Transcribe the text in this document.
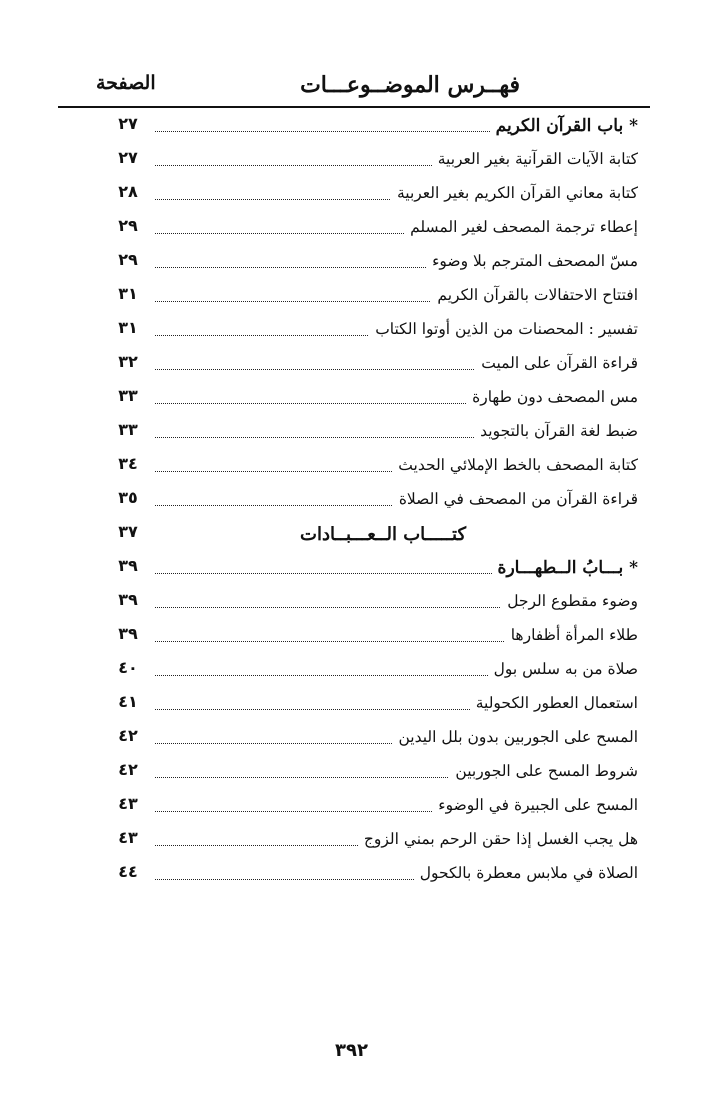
فهــرس الموضــوعـــات
الصفحة
* باب القرآن الكريم
٢٧
كتابة الآيات القرآنية بغير العربية
٢٧
كتابة معاني القرآن الكريم بغير العربية
٢٨
إعطاء ترجمة المصحف لغير المسلم
٢٩
مسّ المصحف المترجم بلا وضوء
٢٩
افتتاح الاحتفالات بالقرآن الكريم
٣١
تفسير : المحصنات من الذين أوتوا الكتاب
٣١
قراءة القرآن على الميت
٣٢
مس المصحف دون طهارة
٣٣
ضبط لغة القرآن بالتجويد
٣٣
كتابة المصحف بالخط الإملائي الحديث
٣٤
قراءة القرآن من المصحف في الصلاة
٣٥
كتـــــاب الــعـــبــادات
٣٧
* بـــابُ الــطهـــارة
٣٩
وضوء مقطوع الرجل
٣٩
طلاء المرأة أظفارها
٣٩
صلاة من به سلس بول
٤٠
استعمال العطور الكحولية
٤١
المسح على الجوربين بدون بلل اليدين
٤٢
شروط المسح على الجوربين
٤٢
المسح على الجبيرة في الوضوء
٤٣
هل يجب الغسل إذا حقن الرحم بمني الزوج
٤٣
الصلاة في ملابس معطرة بالكحول
٤٤
٣٩٢
